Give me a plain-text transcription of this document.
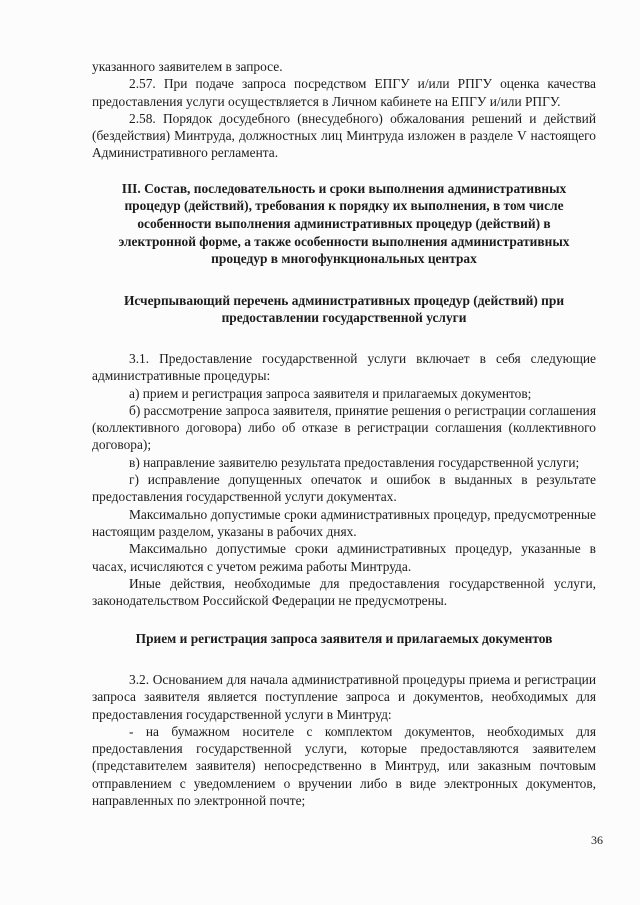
указанного заявителем в запросе.

2.57. При подаче запроса посредством ЕПГУ и/или РПГУ оценка качества предоставления услуги осуществляется в Личном кабинете на ЕПГУ и/или РПГУ.

2.58. Порядок досудебного (внесудебного) обжалования решений и действий (бездействия) Минтруда, должностных лиц Минтруда изложен в разделе V настоящего Административного регламента.

III. Состав, последовательность и сроки выполнения административных процедур (действий), требования к порядку их выполнения, в том числе особенности выполнения административных процедур (действий) в электронной форме, а также особенности выполнения административных процедур в многофункциональных центрах

Исчерпывающий перечень административных процедур (действий) при предоставлении государственной услуги

3.1. Предоставление государственной услуги включает в себя следующие административные процедуры:

а) прием и регистрация запроса заявителя и прилагаемых документов;

б) рассмотрение запроса заявителя, принятие решения о регистрации соглашения (коллективного договора) либо об отказе в регистрации соглашения (коллективного договора);

в) направление заявителю результата предоставления государственной услуги;

г) исправление допущенных опечаток и ошибок в выданных в результате предоставления государственной услуги документах.

Максимально допустимые сроки административных процедур, предусмотренные настоящим разделом, указаны в рабочих днях.

Максимально допустимые сроки административных процедур, указанные в часах, исчисляются с учетом режима работы Минтруда.

Иные действия, необходимые для предоставления государственной услуги, законодательством Российской Федерации не предусмотрены.

Прием и регистрация запроса заявителя и прилагаемых документов

3.2. Основанием для начала административной процедуры приема и регистрации запроса заявителя является поступление запроса и документов, необходимых для предоставления государственной услуги в Минтруд:

- на бумажном носителе с комплектом документов, необходимых для предоставления государственной услуги, которые предоставляются заявителем (представителем заявителя) непосредственно в Минтруд, или заказным почтовым отправлением с уведомлением о вручении либо в виде электронных документов, направленных по электронной почте;

36
